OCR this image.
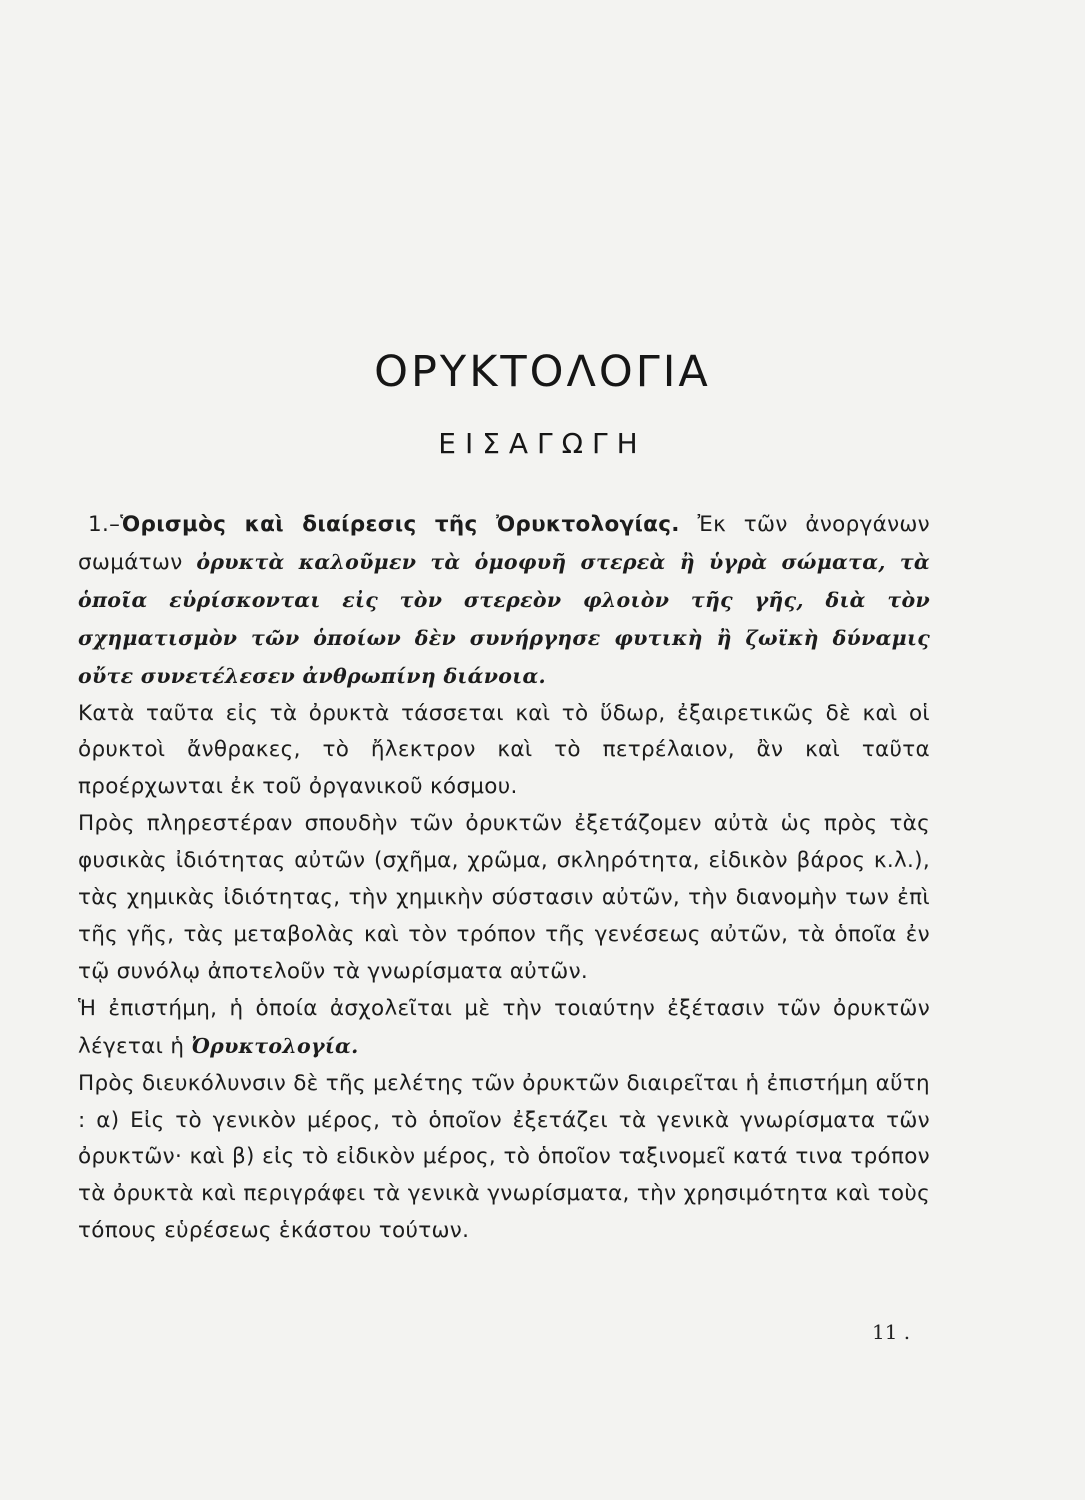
ΟΡΥΚΤΟΛΟΓΙΑ
ΕΙΣΑΓΩΓΗ

1.–Ὁρισμὸς καὶ διαίρεσις τῆς Ὀρυκτολογίας. Ἐκ τῶν ἀνοργάνων σωμάτων ὀρυκτὰ καλοῦμεν τὰ ὁμοφυῆ στερεὰ ἢ ὑγρὰ σώματα, τὰ ὁποῖα εὑρίσκονται εἰς τὸν στερεὸν φλοιὸν τῆς γῆς, διὰ τὸν σχηματισμὸν τῶν ὁποίων δὲν συνήργησε φυτικὴ ἢ ζωϊκὴ δύναμις οὔτε συνετέλεσεν ἀνθρωπίνη διάνοια.

Κατὰ ταῦτα εἰς τὰ ὀρυκτὰ τάσσεται καὶ τὸ ὕδωρ, ἐξαιρετικῶς δὲ καὶ οἱ ὀρυκτοὶ ἄνθρακες, τὸ ἤλεκτρον καὶ τὸ πετρέλαιον, ἂν καὶ ταῦτα προέρχωνται ἐκ τοῦ ὀργανικοῦ κόσμου.

Πρὸς πληρεστέραν σπουδὴν τῶν ὀρυκτῶν ἐξετάζομεν αὐτὰ ὡς πρὸς τὰς φυσικὰς ἰδιότητας αὐτῶν (σχῆμα, χρῶμα, σκληρότητα, εἰδικὸν βάρος κ.λ.), τὰς χημικὰς ἰδιότητας, τὴν χημικὴν σύστασιν αὐτῶν, τὴν διανομὴν των ἐπὶ τῆς γῆς, τὰς μεταβολὰς καὶ τὸν τρόπον τῆς γενέσεως αὐτῶν, τὰ ὁποῖα ἐν τῷ συνόλῳ ἀποτελοῦν τὰ γνωρίσματα αὐτῶν.

Ἡ ἐπιστήμη, ἡ ὁποία ἀσχολεῖται μὲ τὴν τοιαύτην ἐξέτασιν τῶν ὀρυκτῶν λέγεται ἡ Ὀρυκτολογία.

Πρὸς διευκόλυνσιν δὲ τῆς μελέτης τῶν ὀρυκτῶν διαιρεῖται ἡ ἐπιστήμη αὕτη : α) Εἰς τὸ γενικὸν μέρος, τὸ ὁποῖον ἐξετάζει τὰ γενικὰ γνωρίσματα τῶν ὀρυκτῶν· καὶ β) εἰς τὸ εἰδικὸν μέρος, τὸ ὁποῖον ταξινομεῖ κατά τινα τρόπον τὰ ὀρυκτὰ καὶ περιγράφει τὰ γενικὰ γνωρίσματα, τὴν χρησιμότητα καὶ τοὺς τόπους εὑρέσεως ἑκάστου τούτων.

11 .
